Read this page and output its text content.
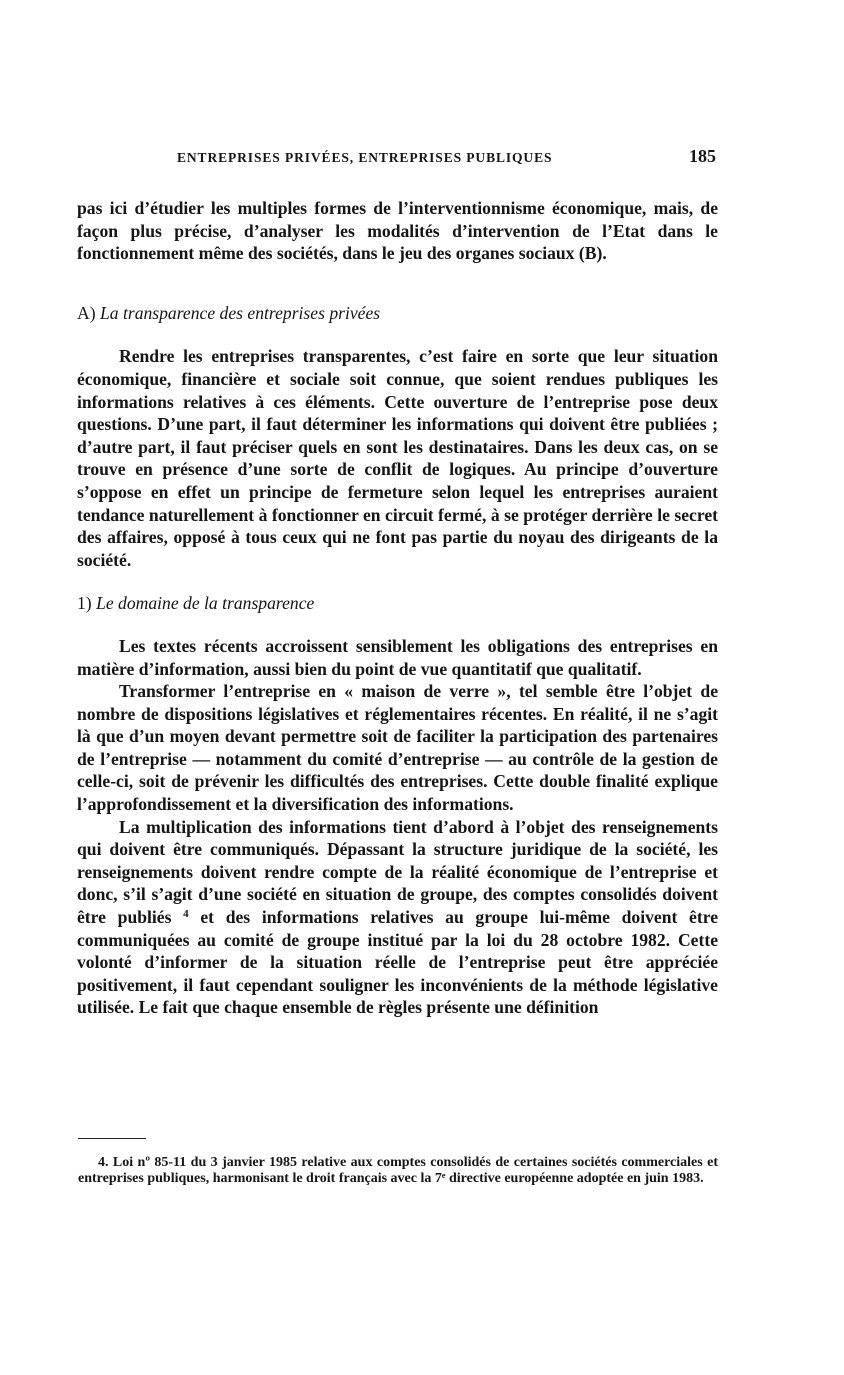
ENTREPRISES PRIVÉES, ENTREPRISES PUBLIQUES	185

pas ici d’étudier les multiples formes de l’interventionnisme économique, mais, de façon plus précise, d’analyser les modalités d’intervention de l’Etat dans le fonctionnement même des sociétés, dans le jeu des organes sociaux (B).

A) La transparence des entreprises privées

Rendre les entreprises transparentes, c’est faire en sorte que leur situation économique, financière et sociale soit connue, que soient rendues publiques les informations relatives à ces éléments. Cette ouverture de l’entreprise pose deux questions. D’une part, il faut déterminer les informations qui doivent être publiées ; d’autre part, il faut préciser quels en sont les destinataires. Dans les deux cas, on se trouve en présence d’une sorte de conflit de logiques. Au principe d’ouverture s’oppose en effet un principe de fermeture selon lequel les entreprises auraient tendance naturellement à fonctionner en circuit fermé, à se protéger derrière le secret des affaires, opposé à tous ceux qui ne font pas partie du noyau des dirigeants de la société.

1) Le domaine de la transparence

Les textes récents accroissent sensiblement les obligations des entreprises en matière d’information, aussi bien du point de vue quantitatif que qualitatif.

Transformer l’entreprise en « maison de verre », tel semble être l’objet de nombre de dispositions législatives et réglementaires récentes. En réalité, il ne s’agit là que d’un moyen devant permettre soit de faciliter la participation des partenaires de l’entreprise — notamment du comité d’entreprise — au contrôle de la gestion de celle-ci, soit de prévenir les difficultés des entreprises. Cette double finalité explique l’approfondissement et la diversification des informations.

La multiplication des informations tient d’abord à l’objet des renseignements qui doivent être communiqués. Dépassant la structure juridique de la société, les renseignements doivent rendre compte de la réalité économique de l’entreprise et donc, s’il s’agit d’une société en situation de groupe, des comptes consolidés doivent être publiés $^4$ et des informations relatives au groupe lui-même doivent être communiquées au comité de groupe institué par la loi du 28 octobre 1982. Cette volonté d’informer de la situation réelle de l’entreprise peut être appréciée positivement, il faut cependant souligner les inconvénients de la méthode législative utilisée. Le fait que chaque ensemble de règles présente une définition

4. Loi nº 85-11 du 3 janvier 1985 relative aux comptes consolidés de certaines sociétés commerciales et entreprises publiques, harmonisant le droit français avec la 7ᵉ directive européenne adoptée en juin 1983.
